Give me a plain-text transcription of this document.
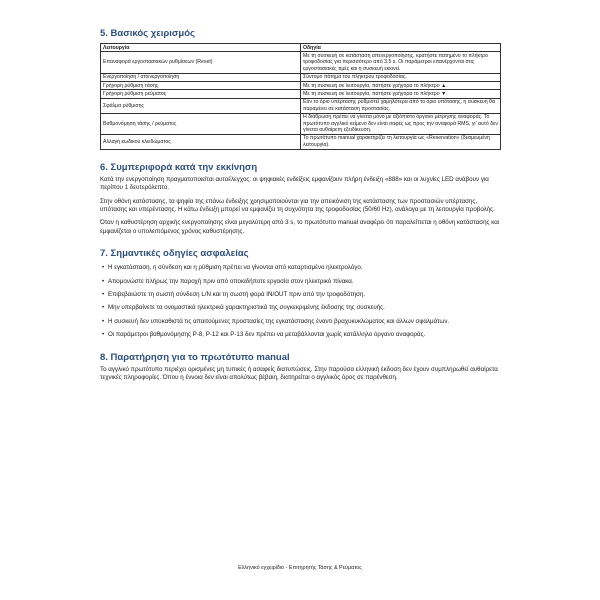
5. Βασικός χειρισμός
Λειτουργία	Οδηγία
Επαναφορά εργοστασιακών ρυθμίσεων (Reset)	Με τη συσκευή σε κατάσταση απενεργοποίησης, κρατήστε πατημένο το πλήκτρο τροφοδοσίας για περισσότερο από 3.5 s. Οι παράμετροι επανέρχονται στις εργοστασιακές τιμές και η συσκευή εκκινεί.
Ενεργοποίηση / απενεργοποίηση	Σύντομο πάτημα του πλήκτρου τροφοδοσίας.
Γρήγορη ρύθμιση τάσης	Με τη συσκευή σε λειτουργία, πατήστε γρήγορα το πλήκτρο ▲.
Γρήγορη ρύθμιση ρεύματος	Με τη συσκευή σε λειτουργία, πατήστε γρήγορα το πλήκτρο ▼.
Σφάλμα ρύθμισης	Εάν το όριο υπέρτασης ρυθμιστεί χαμηλότερα από το όριο υπότασης, η συσκευή θα παραμένει σε κατάσταση προστασίας.
Βαθμονόμηση τάσης / ρεύματος	Η διάθρωση πρέπει να γίνεται μόνο με αξιόπιστο όργανο μέτρησης αναφοράς. Το πρωτότυπο αγγλικό κείμενο δεν είναι σαφές ως προς την αναφορά RMS, γι' αυτό δεν γίνεται αυθαίρετη εξειδίκευση.
Αλλαγή κωδικού κλειδώματος	Το πρωτότυπο manual χαρακτηρίζει τη λειτουργία ως «Reservation» (δεσμευμένη λειτουργία).
6. Συμπεριφορά κατά την εκκίνηση

Κατά την ενεργοποίηση πραγματοποιείται αυτοέλεγχος: οι ψηφιακές ενδείξεις εμφανίζουν πλήρη ένδειξη «888» και οι λυχνίες LED ανάβουν για περίπου 1 δευτερόλεπτο.

Στην οθόνη κατάστασης, τα ψηφία της επάνω ένδειξης χρησιμοποιούνται για την απεικόνιση της κατάστασης των προστασιών υπέρτασης, υπότασης και υπερέντασης. Η κάτω ένδειξη μπορεί να εμφανίζει τη συχνότητα της τροφοδοσίας (50/60 Hz), ανάλογα με τη λειτουργία προβολής.

Όταν η καθυστέρηση αρχικής ενεργοποίησης είναι μεγαλύτερη από 3 s, το πρωτότυπο manual αναφέρει ότι παραλείπεται η οθόνη κατάστασης και εμφανίζεται ο υπολειπόμενος χρόνος καθυστέρησης.

7. Σημαντικές οδηγίες ασφαλείας
• Η εγκατάσταση, η σύνδεση και η ρύθμιση πρέπει να γίνονται από καταρτισμένο ηλεκτρολόγο.
• Απομονώστε πλήρως την παροχή πριν από οποιαδήποτε εργασία στον ηλεκτρικό πίνακα.
• Επιβεβαιώστε τη σωστή σύνδεση L/N και τη σωστή φορά IN/OUT πριν από την τροφοδότηση.
• Μην υπερβαίνετε τα ονομαστικά ηλεκτρικά χαρακτηριστικά της συγκεκριμένης έκδοσης της συσκευής.
• Η συσκευή δεν υποκαθιστά τις απαιτούμενες προστασίες της εγκατάστασης έναντι βραχυκυκλώματος και άλλων σφαλμάτων.
• Οι παράμετροι βαθμονόμησης P-8, P-12 και P-13 δεν πρέπει να μεταβάλλονται χωρίς κατάλληλο όργανο αναφοράς.
8. Παρατήρηση για το πρωτότυπο manual

Το αγγλικό πρωτότυπο περιέχει ορισμένες μη τυπικές ή ασαφείς διατυπώσεις. Στην παρούσα ελληνική έκδοση δεν έχουν συμπληρωθεί αυθαίρετα τεχνικές πληροφορίες. Όπου η έννοια δεν είναι απολύτως βέβαιη, διατηρείται ο αγγλικός όρος σε παρένθεση.

Ελληνικό εγχειρίδιο - Επιτηρητής Τάσης & Ρεύματος
